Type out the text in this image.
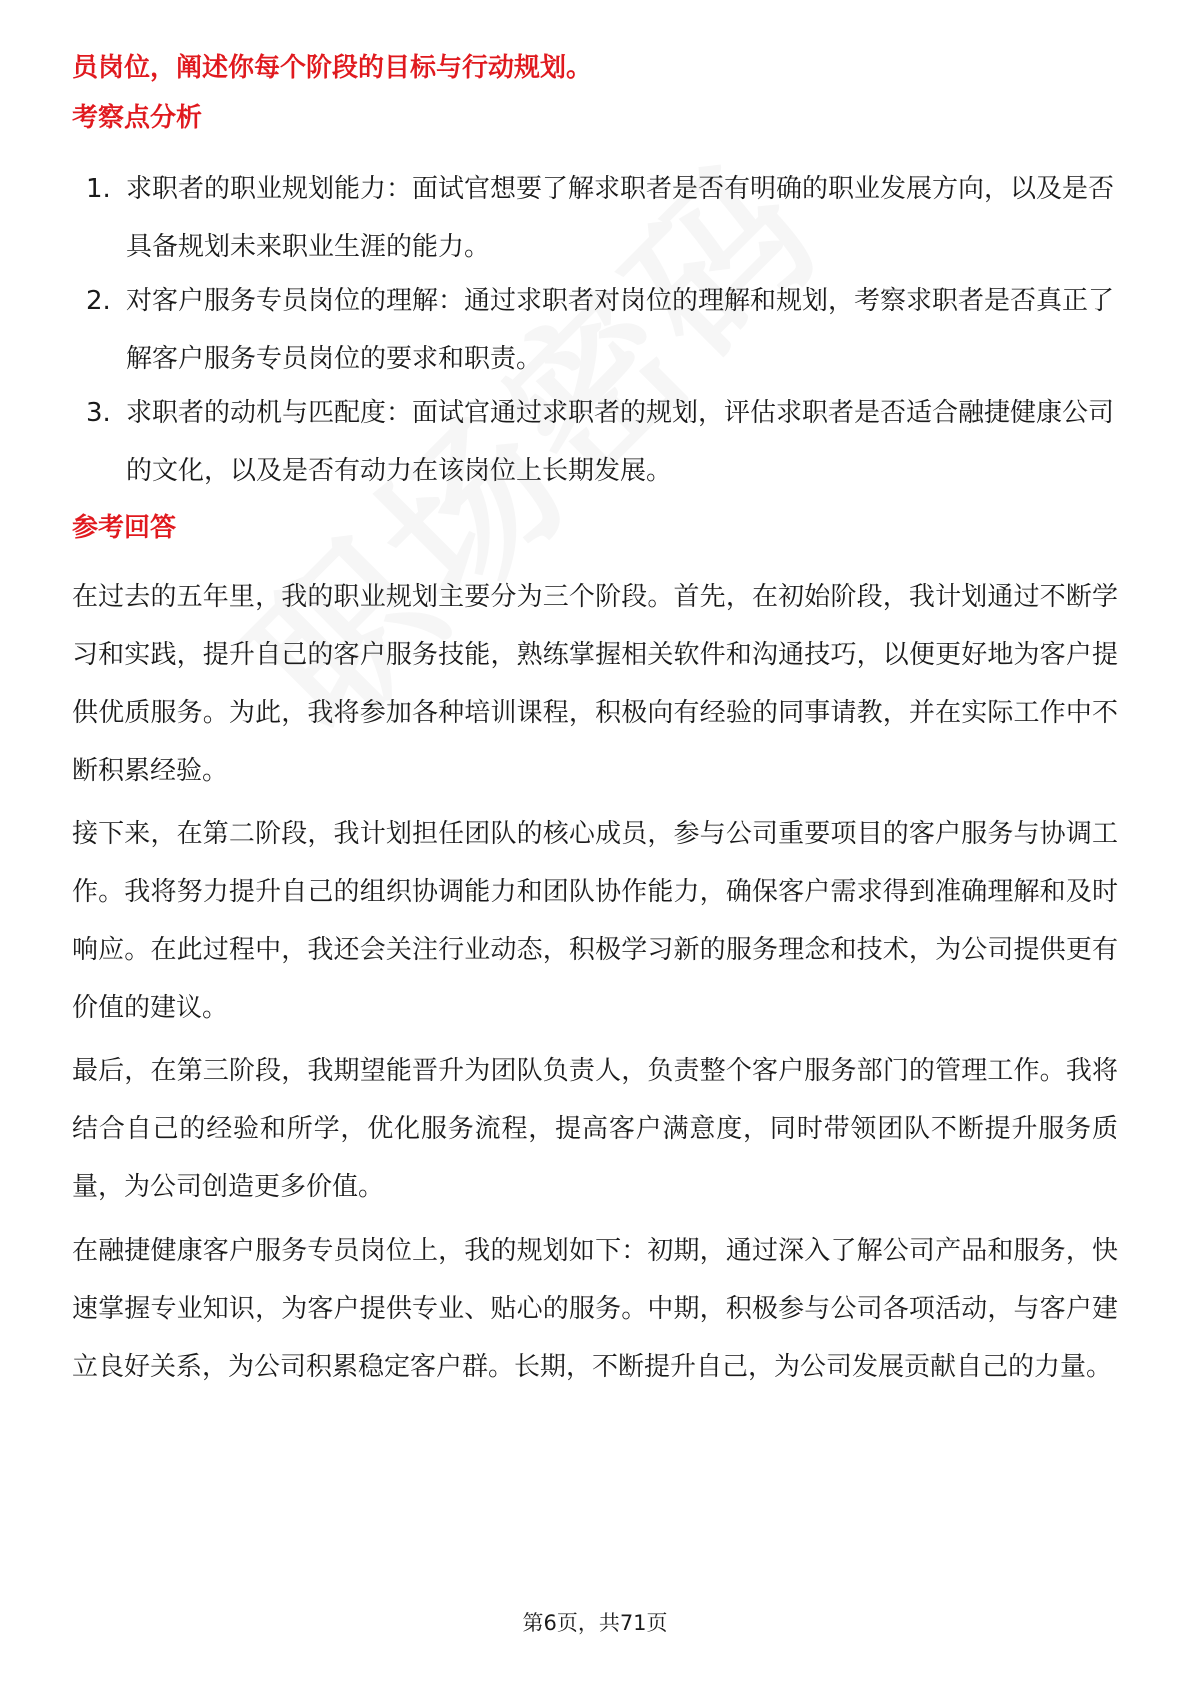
员岗位，阐述你每个阶段的目标与行动规划。
考察点分析
1. 求职者的职业规划能力：面试官想要了解求职者是否有明确的职业发展方向，以及是否具备规划未来职业生涯的能力。
2. 对客户服务专员岗位的理解：通过求职者对岗位的理解和规划，考察求职者是否真正了解客户服务专员岗位的要求和职责。
3. 求职者的动机与匹配度：面试官通过求职者的规划，评估求职者是否适合融捷健康公司的文化，以及是否有动力在该岗位上长期发展。
参考回答

在过去的五年里，我的职业规划主要分为三个阶段。首先，在初始阶段，我计划通过不断学习和实践，提升自己的客户服务技能，熟练掌握相关软件和沟通技巧，以便更好地为客户提供优质服务。为此，我将参加各种培训课程，积极向有经验的同事请教，并在实际工作中不断积累经验。

接下来，在第二阶段，我计划担任团队的核心成员，参与公司重要项目的客户服务与协调工作。我将努力提升自己的组织协调能力和团队协作能力，确保客户需求得到准确理解和及时响应。在此过程中，我还会关注行业动态，积极学习新的服务理念和技术，为公司提供更有价值的建议。

最后，在第三阶段，我期望能晋升为团队负责人，负责整个客户服务部门的管理工作。我将结合自己的经验和所学，优化服务流程，提高客户满意度，同时带领团队不断提升服务质量，为公司创造更多价值。

在融捷健康客户服务专员岗位上，我的规划如下：初期，通过深入了解公司产品和服务，快速掌握专业知识，为客户提供专业、贴心的服务。中期，积极参与公司各项活动，与客户建立良好关系，为公司积累稳定客户群。长期，不断提升自己，为公司发展贡献自己的力量。

第6页，共71页
